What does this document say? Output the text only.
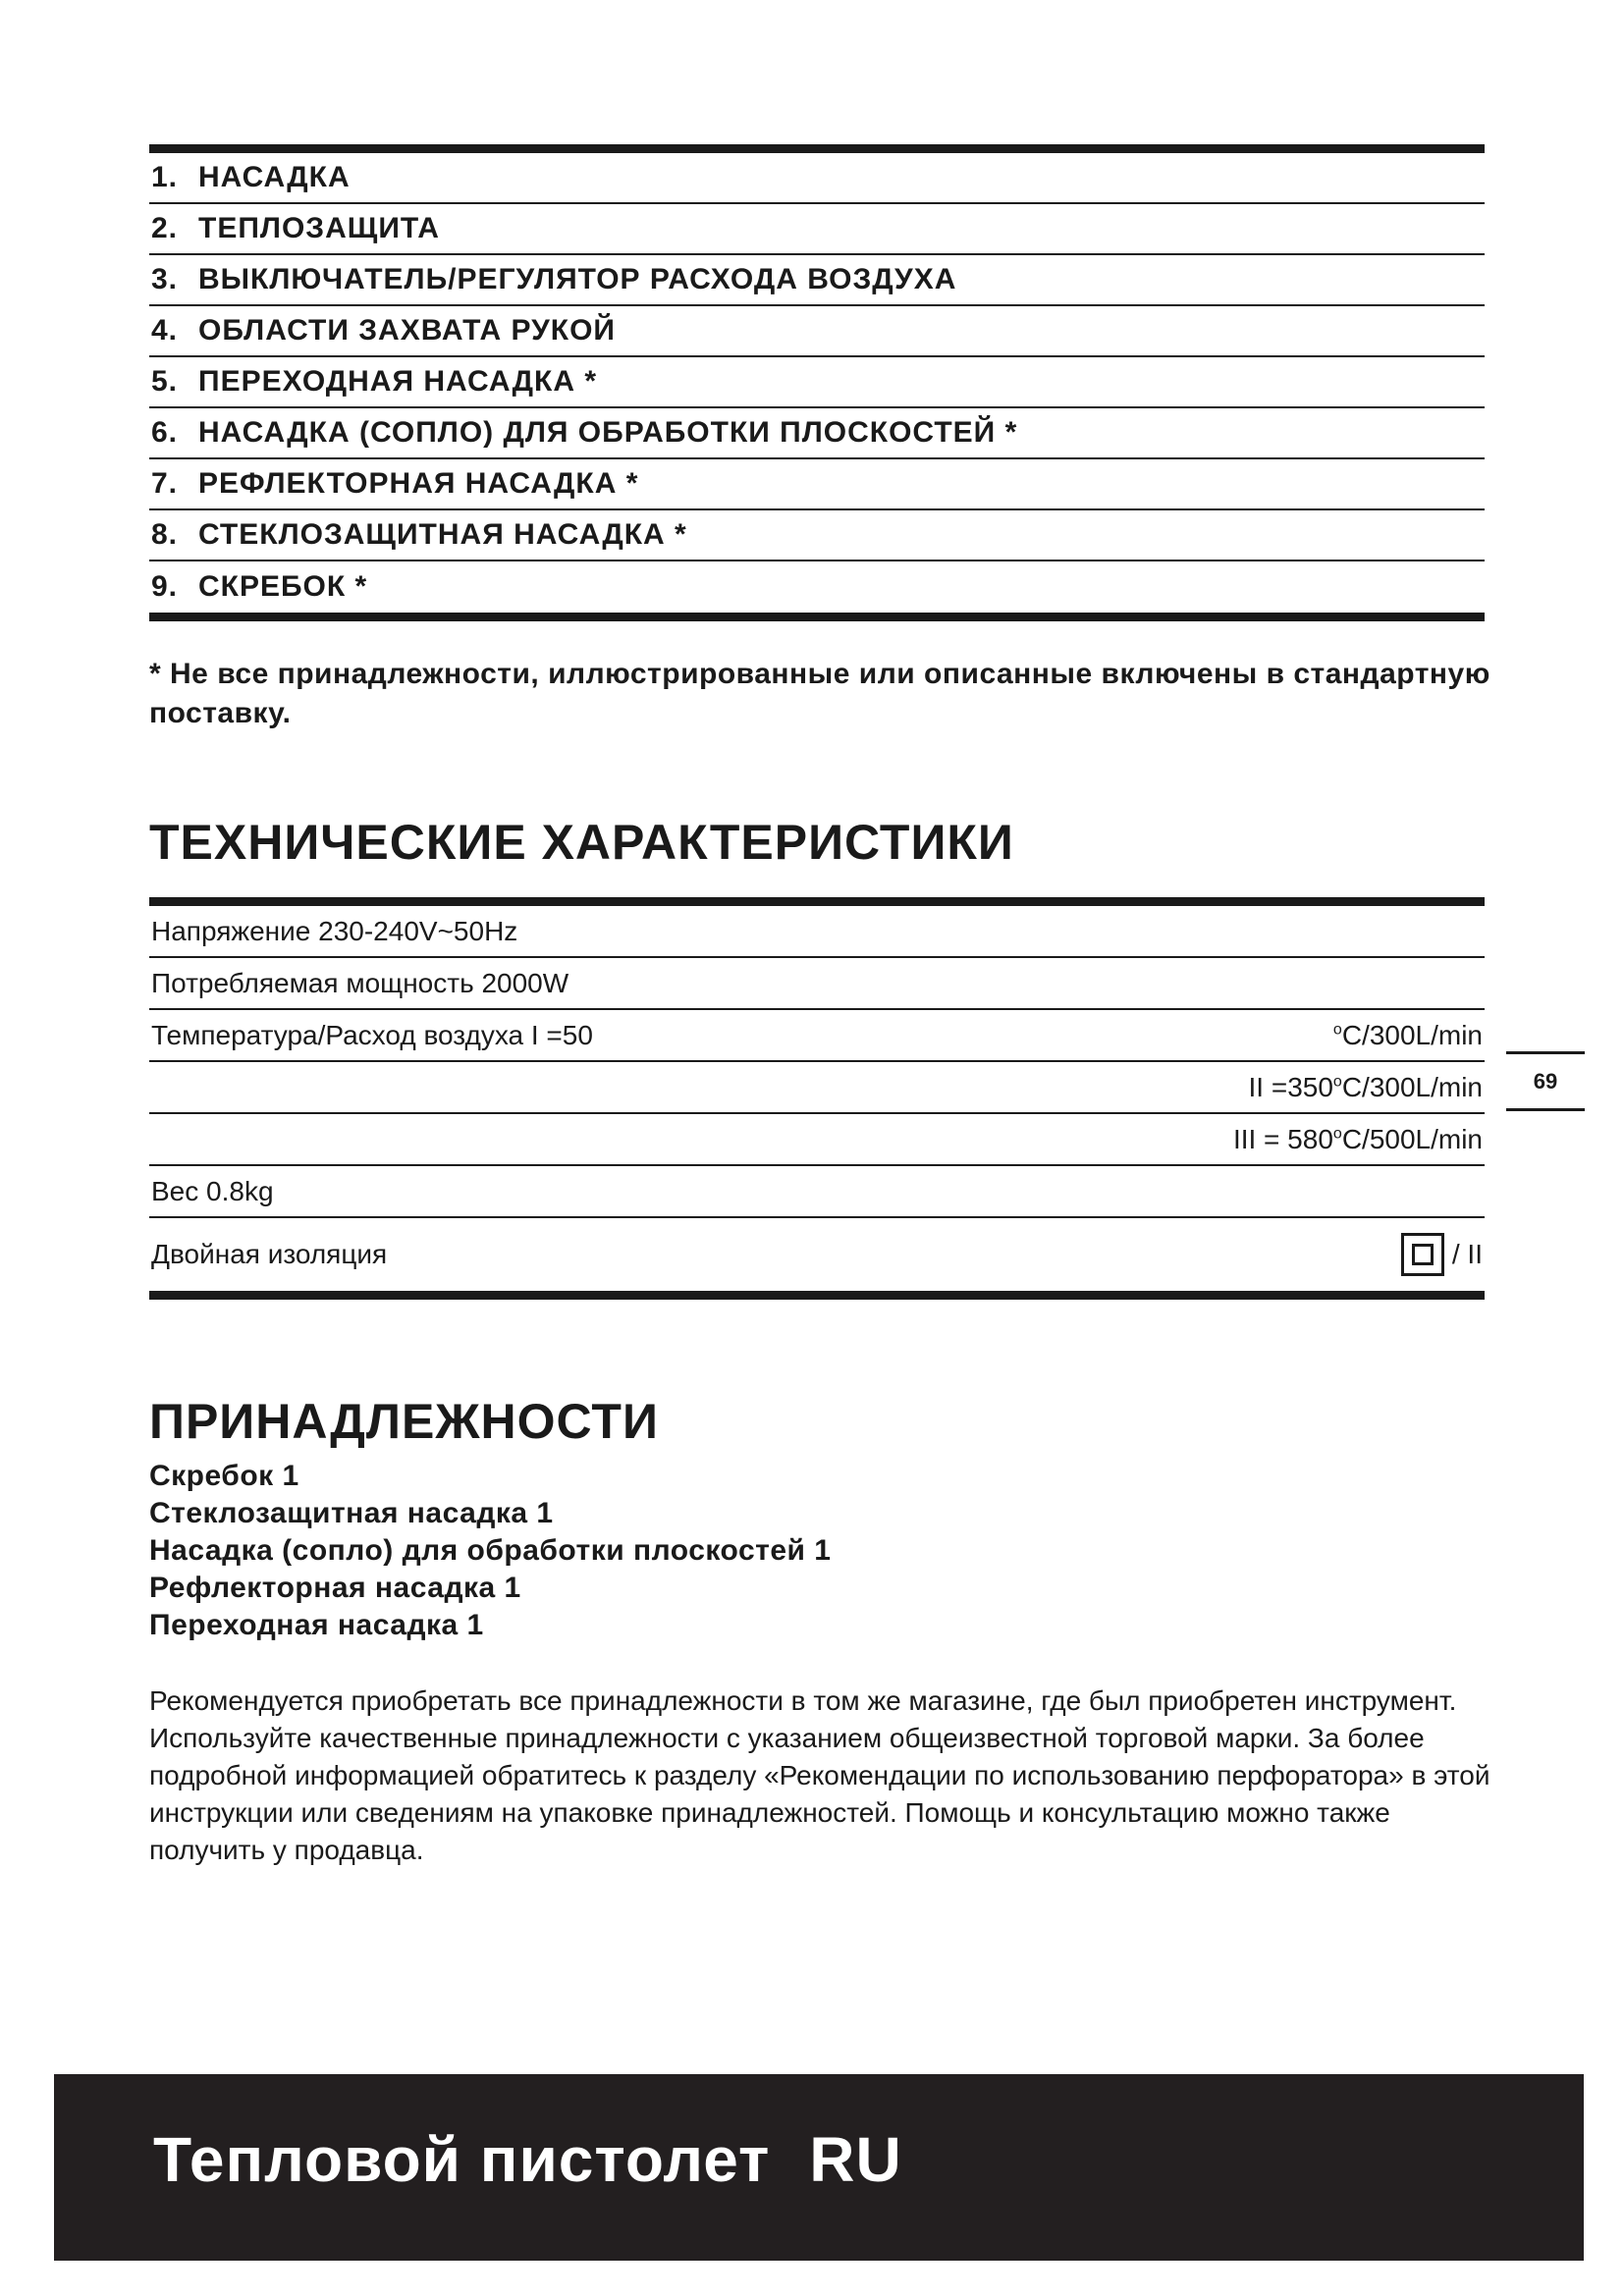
1. НАСАДКА
2. ТЕПЛОЗАЩИТА
3. ВЫКЛЮЧАТЕЛЬ/РЕГУЛЯТОР РАСХОДА ВОЗДУХА
4. ОБЛАСТИ ЗАХВАТА РУКОЙ
5. ПЕРЕХОДНАЯ НАСАДКА *
6. НАСАДКА (СОПЛО) ДЛЯ ОБРАБОТКИ ПЛОСКОСТЕЙ *
7. РЕФЛЕКТОРНАЯ НАСАДКА *
8. СТЕКЛОЗАЩИТНАЯ НАСАДКА *
9. СКРЕБОК *
* Не все принадлежности, иллюстрированные или описанные включены в стандартную поставку.
ТЕХНИЧЕСКИЕ ХАРАКТЕРИСТИКИ
Напряжение 230-240V~50Hz
Потребляемая мощность 2000W
Температура/Расход воздуха I =50	$^o$C/300L/min
II $=350^oC/300L/\min$
III = $580^oC/500L/\min$
Вес 0.8kg
Двойная изоляция	/ II
69
ПРИНАДЛЕЖНОСТИ
Скребок 1
Стеклозащитная насадка 1
Насадка (сопло) для обработки плоскостей 1
Рефлекторная насадка 1
Переходная насадка 1
Рекомендуется приобретать все принадлежности в том же магазине, где был приобретен инструмент. Используйте качественные принадлежности с указанием общеизвестной торговой марки. За более подробной информацией обратитесь к разделу «Рекомендации по использованию перфоратора» в этой инструкции или сведениям на упаковке принадлежностей. Помощь и консультацию можно также получить у продавца.
Тепловой пистолет RU
